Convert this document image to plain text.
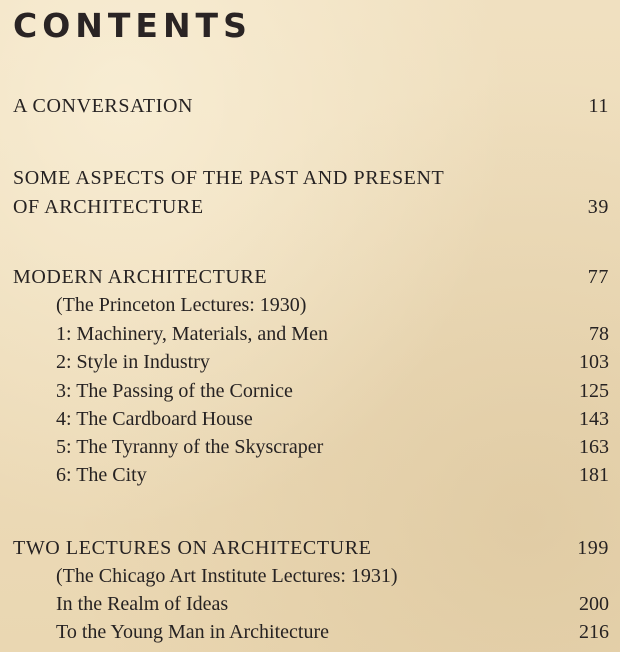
CONTENTS
A CONVERSATION	11
SOME ASPECTS OF THE PAST AND PRESENT
OF ARCHITECTURE	39
MODERN ARCHITECTURE	77
(The Princeton Lectures: 1930)
1: Machinery, Materials, and Men	78
2: Style in Industry	103
3: The Passing of the Cornice	125
4: The Cardboard House	143
5: The Tyranny of the Skyscraper	163
6: The City	181
TWO LECTURES ON ARCHITECTURE	199
(The Chicago Art Institute Lectures: 1931)
In the Realm of Ideas	200
To the Young Man in Architecture	216
